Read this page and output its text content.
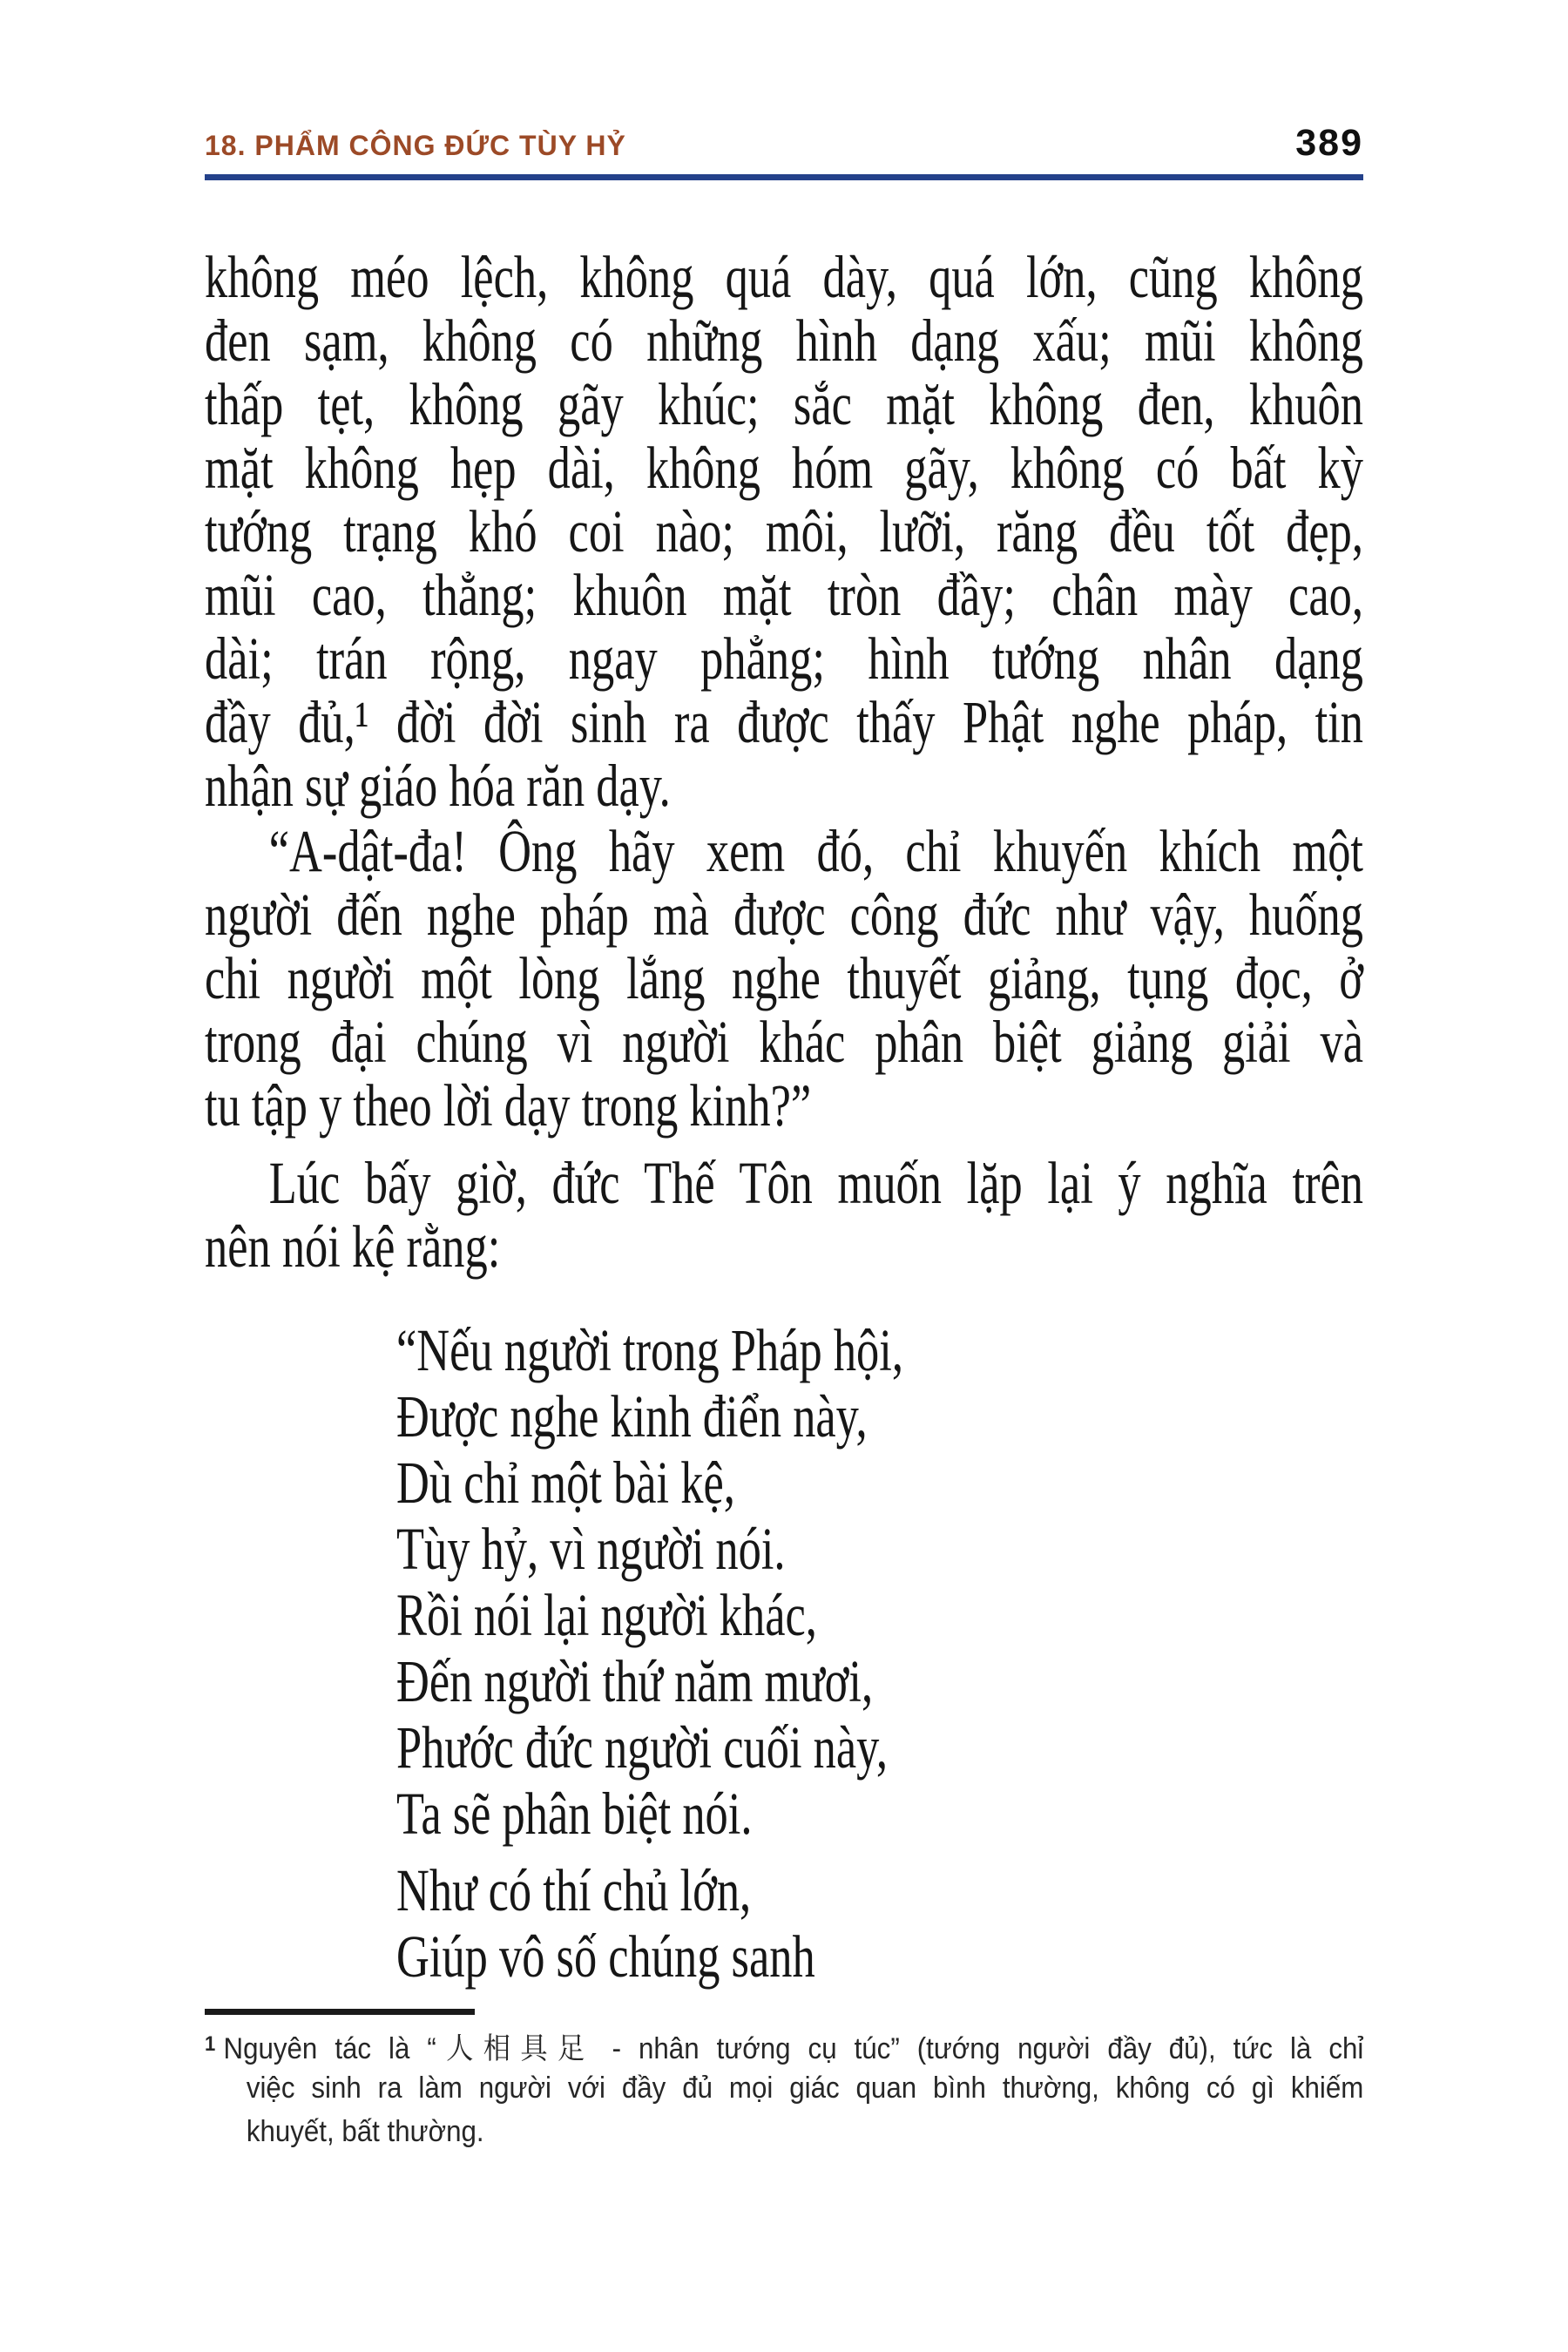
18. PHẨM CÔNG ĐỨC TÙY HỶ	389
không méo lệch, không quá dày, quá lớn, cũng không
đen sạm, không có những hình dạng xấu; mũi không
thấp tẹt, không gãy khúc; sắc mặt không đen, khuôn
mặt không hẹp dài, không hóm gãy, không có bất kỳ
tướng trạng khó coi nào; môi, lưỡi, răng đều tốt đẹp,
mũi cao, thẳng; khuôn mặt tròn đầy; chân mày cao,
dài; trán rộng, ngay phẳng; hình tướng nhân dạng
đầy đủ,¹ đời đời sinh ra được thấy Phật nghe pháp, tin
nhận sự giáo hóa răn dạy.
“A-dật-đa! Ông hãy xem đó, chỉ khuyến khích một
người đến nghe pháp mà được công đức như vậy, huống
chi người một lòng lắng nghe thuyết giảng, tụng đọc, ở
trong đại chúng vì người khác phân biệt giảng giải và
tu tập y theo lời dạy trong kinh?”
Lúc bấy giờ, đức Thế Tôn muốn lặp lại ý nghĩa trên
nên nói kệ rằng:
“Nếu người trong Pháp hội,
Được nghe kinh điển này,
Dù chỉ một bài kệ,
Tùy hỷ, vì người nói.
Rồi nói lại người khác,
Đến người thứ năm mươi,
Phước đức người cuối này,
Ta sẽ phân biệt nói.
Như có thí chủ lớn,
Giúp vô số chúng sanh
$^1$ Nguyên tác là “人相具足 - nhân tướng cụ túc” (tướng người đầy đủ), tức là chỉ
việc sinh ra làm người với đầy đủ mọi giác quan bình thường, không có gì khiếm
khuyết, bất thường.
